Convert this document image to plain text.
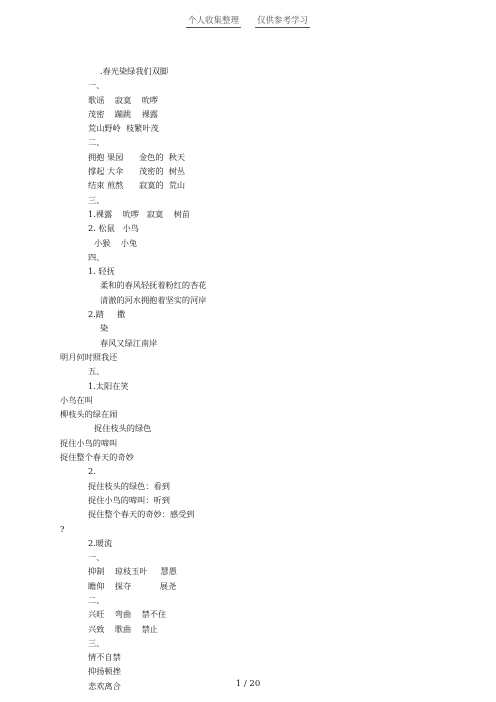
个人收集整理 仅供参考学习
.春光染绿我们双脚
一、
歌谣    寂寞    吮啰
茂密    蹦跳    裸露
荒山野岭  枝繁叶茂
二、
拥抱 果园      金色的  秋天
撑起 大伞      茂密的  树丛
结束 煎熬      寂寞的  荒山
三、
1.裸露    吮啰   寂寞    树苗
2. 松鼠   小鸟
小猴    小兔
四、
1. 轻抚
柔和的春风轻抚着粉红的杏花
清澈的河水拥抱着坚实的河岸
2.踏     撒
染
春风又绿江南岸
明月何时照我还
五、
1.太阳在笑
小鸟在叫
柳枝头的绿在闹
捉住枝头的绿色
捉住小鸟的啼叫
捉住整个春天的奇妙
2.
捉住枝头的绿色：看到
捉住小鸟的啼叫：听到
捉住整个春天的奇妙：感受到
?
2.暖流
一、
抑制    琼枝玉叶     慧愚
瞻仰    探夺           展尧
二、
兴旺    弯曲    禁不住
兴致    歌曲    禁止
三、
情不自禁
抑扬顿挫
悲欢离合	1 / 20
